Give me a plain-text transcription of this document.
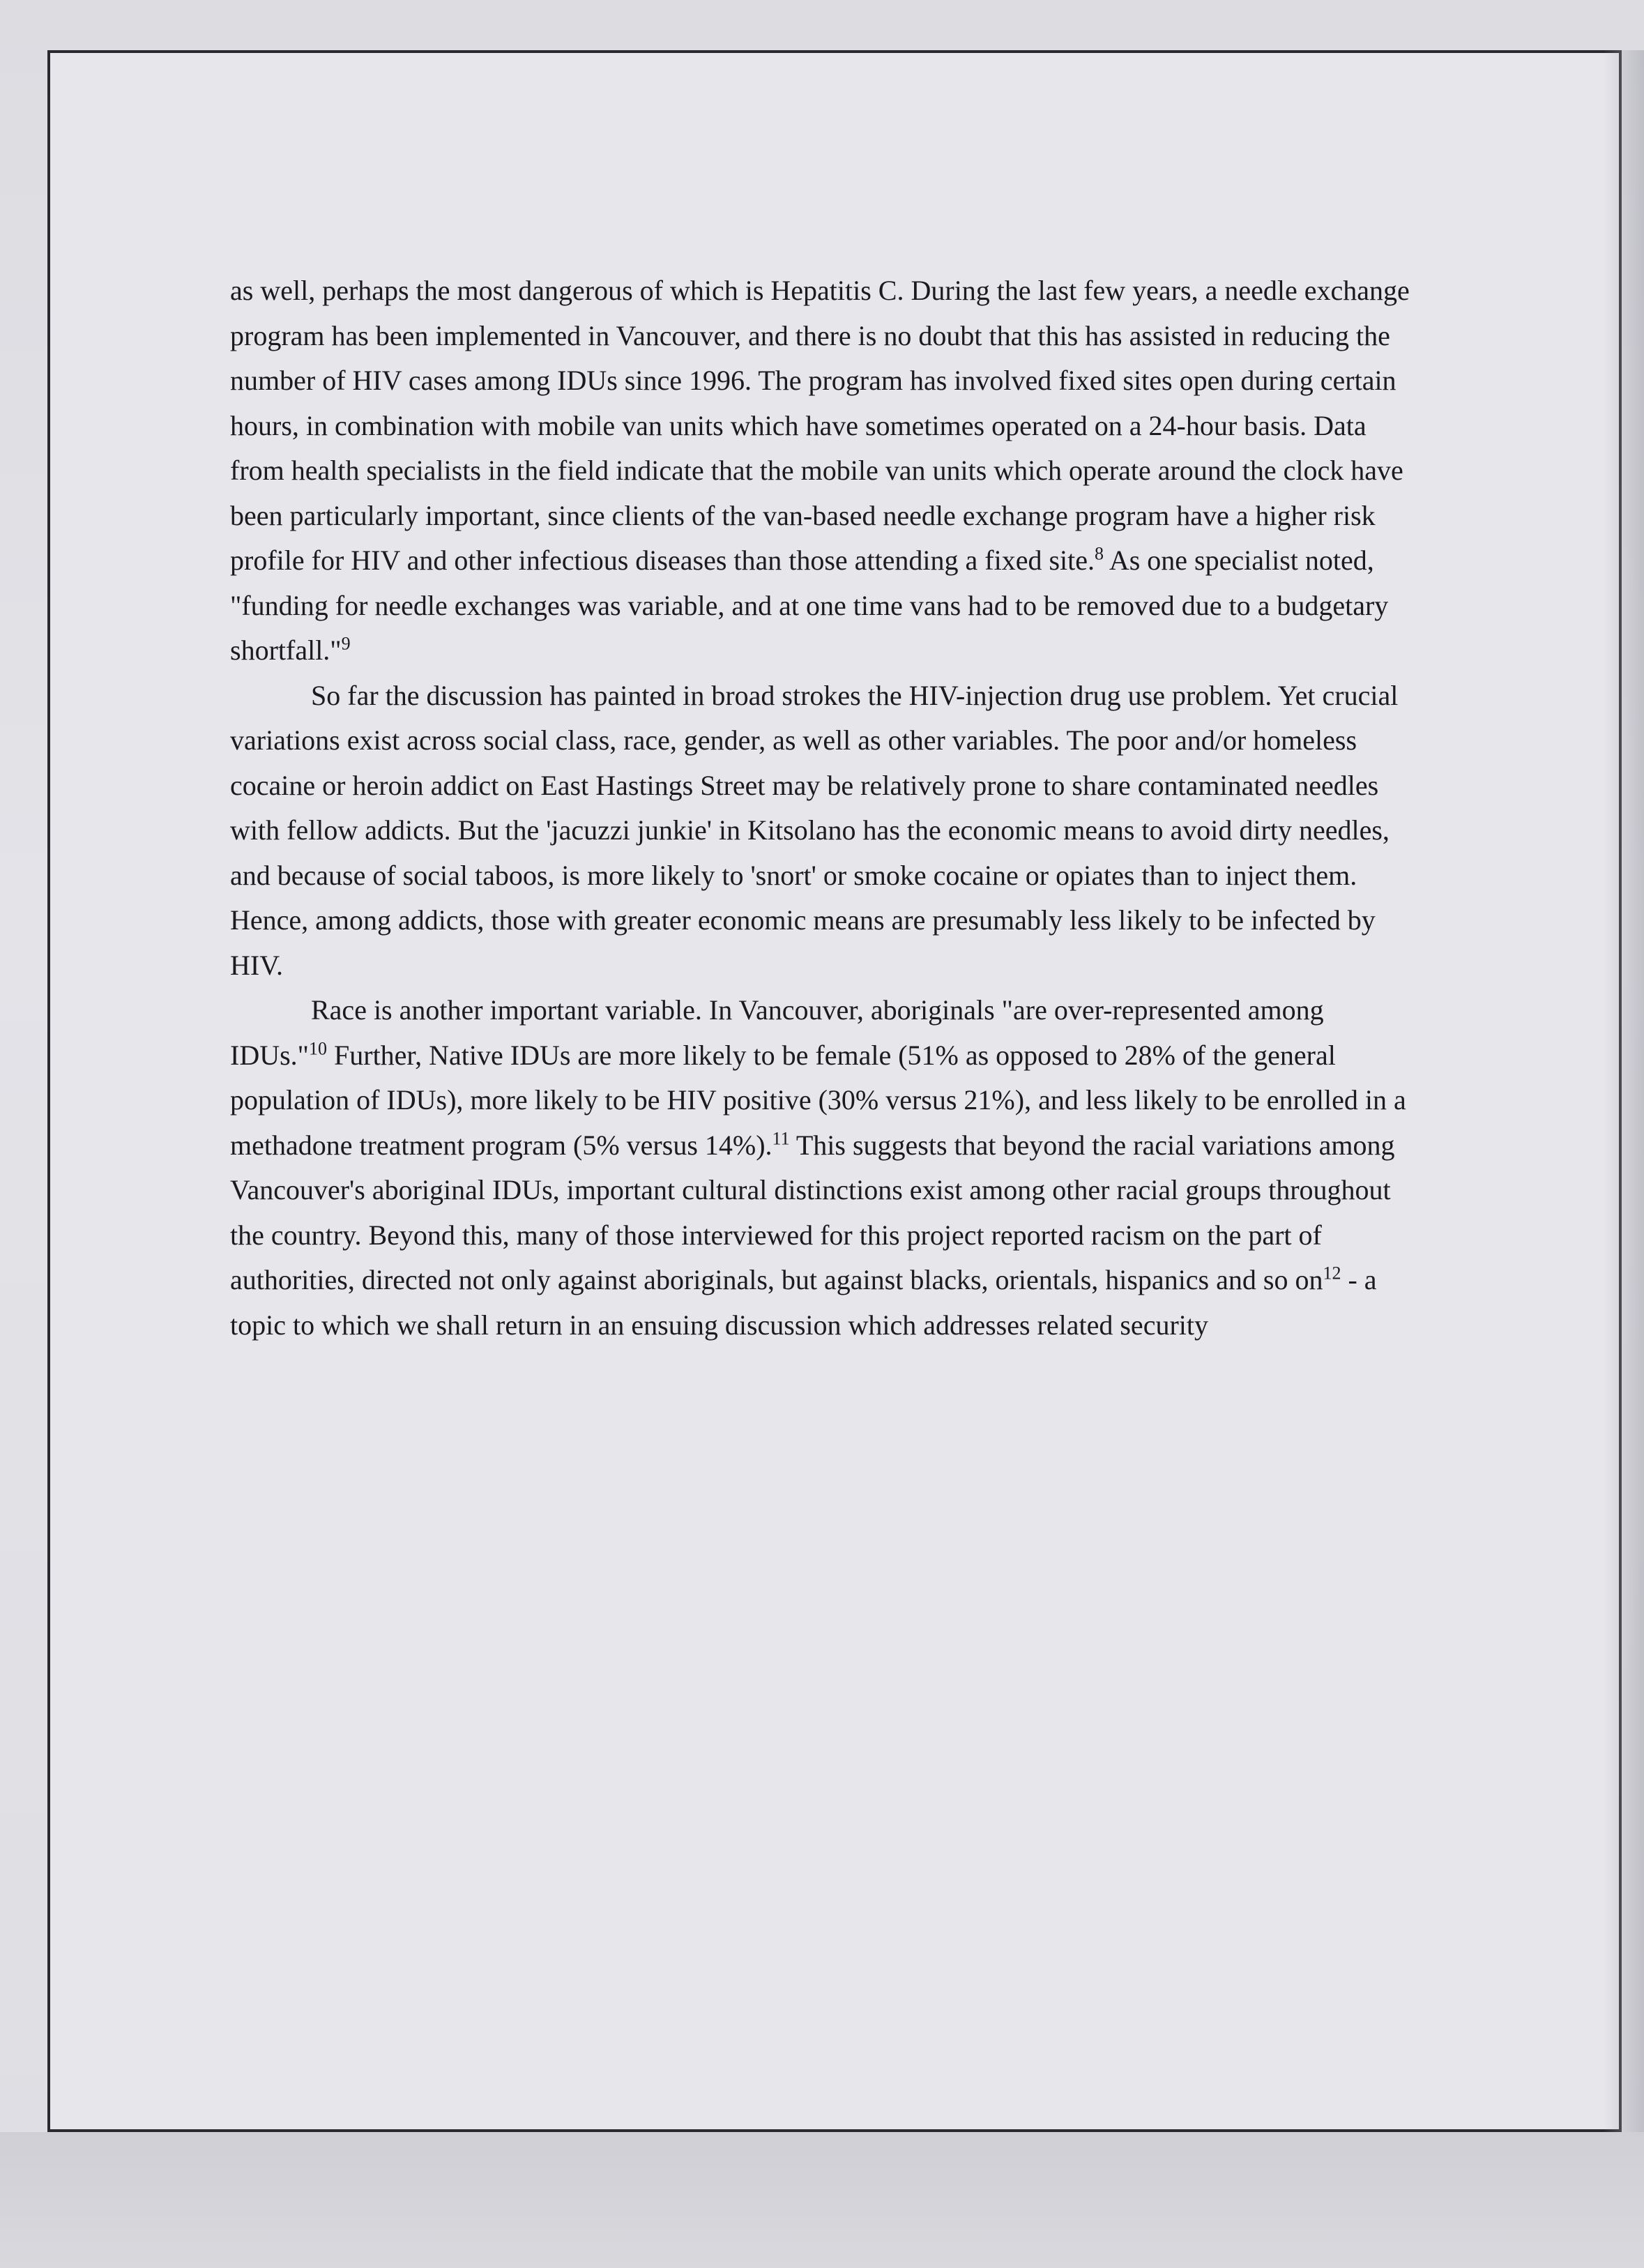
as well, perhaps the most dangerous of which is Hepatitis C. During the last few years, a needle exchange program has been implemented in Vancouver, and there is no doubt that this has assisted in reducing the number of HIV cases among IDUs since 1996. The program has involved fixed sites open during certain hours, in combination with mobile van units which have sometimes operated on a 24-hour basis. Data from health specialists in the field indicate that the mobile van units which operate around the clock have been particularly important, since clients of the van-based needle exchange program have a higher risk profile for HIV and other infectious diseases than those attending a fixed site.$^8$ As one specialist noted, "funding for needle exchanges was variable, and at one time vans had to be removed due to a budgetary shortfall."$^9$

So far the discussion has painted in broad strokes the HIV-injection drug use problem. Yet crucial variations exist across social class, race, gender, as well as other variables. The poor and/or homeless cocaine or heroin addict on East Hastings Street may be relatively prone to share contaminated needles with fellow addicts. But the 'jacuzzi junkie' in Kitsolano has the economic means to avoid dirty needles, and because of social taboos, is more likely to 'snort' or smoke cocaine or opiates than to inject them. Hence, among addicts, those with greater economic means are presumably less likely to be infected by HIV.

Race is another important variable. In Vancouver, aboriginals "are over-represented among IDUs."$^{10}$ Further, Native IDUs are more likely to be female (51% as opposed to 28% of the general population of IDUs), more likely to be HIV positive (30% versus 21%), and less likely to be enrolled in a methadone treatment program (5% versus 14%).$^{11}$ This suggests that beyond the racial variations among Vancouver's aboriginal IDUs, important cultural distinctions exist among other racial groups throughout the country. Beyond this, many of those interviewed for this project reported racism on the part of authorities, directed not only against aboriginals, but against blacks, orientals, hispanics and so $on^{12}$ - a topic to which we shall return in an ensuing discussion which addresses related security
